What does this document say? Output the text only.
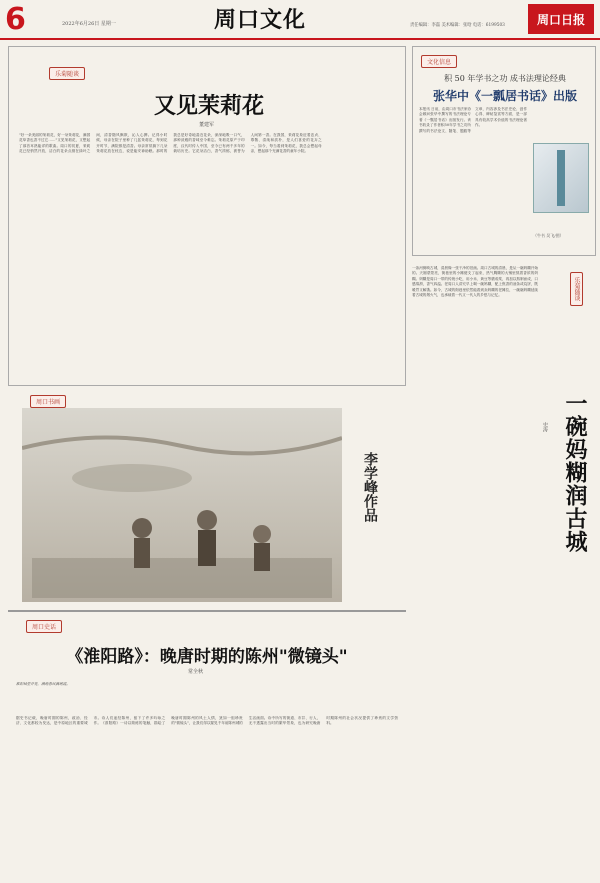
6	2022年6月26日 星期一	周口文化	责任编辑：李磊 美术编辑：张晗 电话：6199503	周口日报
乐菊随谈
又见茉莉花
董建军
"好一朵美丽的茉莉花，好一朵茉莉花，满园花草香也香不过它……"又见茉莉花，又想起了那首耳熟能详的歌曲。周口的初夏，茉莉花已经悄然开放，洁白的花朵点缀在绿叶之间，清香随风飘散，沁人心脾。记得小时候，母亲在院子里种了几盆茉莉花，每到花开时节，满院都是清香。母亲常常摘下几朵茉莉花放在枕边，说是能安神助眠。那时的我总是好奇地凑近花朵，深深地吸一口气，那种淡雅的香味至今难忘。茉莉花原产于印度，汉代时传入中国，至今已有两千多年的栽培历史。它花朵洁白，香气浓郁，被誉为人间第一香。在我国，茉莉花象征着忠贞、尊敬、清纯和质朴，是人们喜爱的花卉之一。如今，每当看到茉莉花，我总会想起母亲，想起那个充满花香的童年小院。
周口书画
李学峰作品
文化信息
积 50 年学书之功 成书法理论经典
张华中《一瓢居书话》出版
本报讯 日前，由周口市书法家协会顾问张华中撰写的书法理论专著《一瓢居书话》出版发行。该书收录了作者积50年学书之功所撰写的书法论文、随笔、题跋等文章，内容涉及书法史论、创作心得、碑帖鉴赏等方面，是一部具有较高学术价值的书法理论著作。
（牛书 吴飞/图）
乐菊随谈
一碗妈糊润古城
史涛
一条河倒映古城，清晨像一张干净的旧画。周口古城的清晨，是从一碗妈糊开始的。天刚蒙蒙亮，街巷里的小摊便支了起来，热气腾腾的大锅里熬着香浓的妈糊。妈糊是周口一带的传统小吃，用小米、黄豆等磨成浆，再加以熬制而成，口感绵滑，香气四溢。老周口人讲究早上喝一碗妈糊，配上焦香的油条或烧饼，既暖胃又解饿。如今，古城的街巷里依然能看到卖妈糊的老摊位，一碗碗妈糊延续着古城的烟火气，也承载着一代又一代人的乡愁与记忆。
周口史话
《淮阳路》：晚唐时期的陈州"微镜头"
常全秋
淮阳城里开花，满地春风满地霞。
据史书记载，晚唐时期的陈州，政治、经济、文化都较为发达，是中原地区的重要城市。诗人们途经陈州，留下了许多吟咏之作。《淮阳路》一诗以简练的笔触，描绘了晚唐时期陈州的风土人情，犹如一组珍贵的"微镜头"，让我们得以窥见千年前陈州城的生活画面。诗中所写的街道、市井、行人，无不透露出当时的繁华景象，也为研究晚唐时期陈州的社会状况提供了珍贵的文学资料。
